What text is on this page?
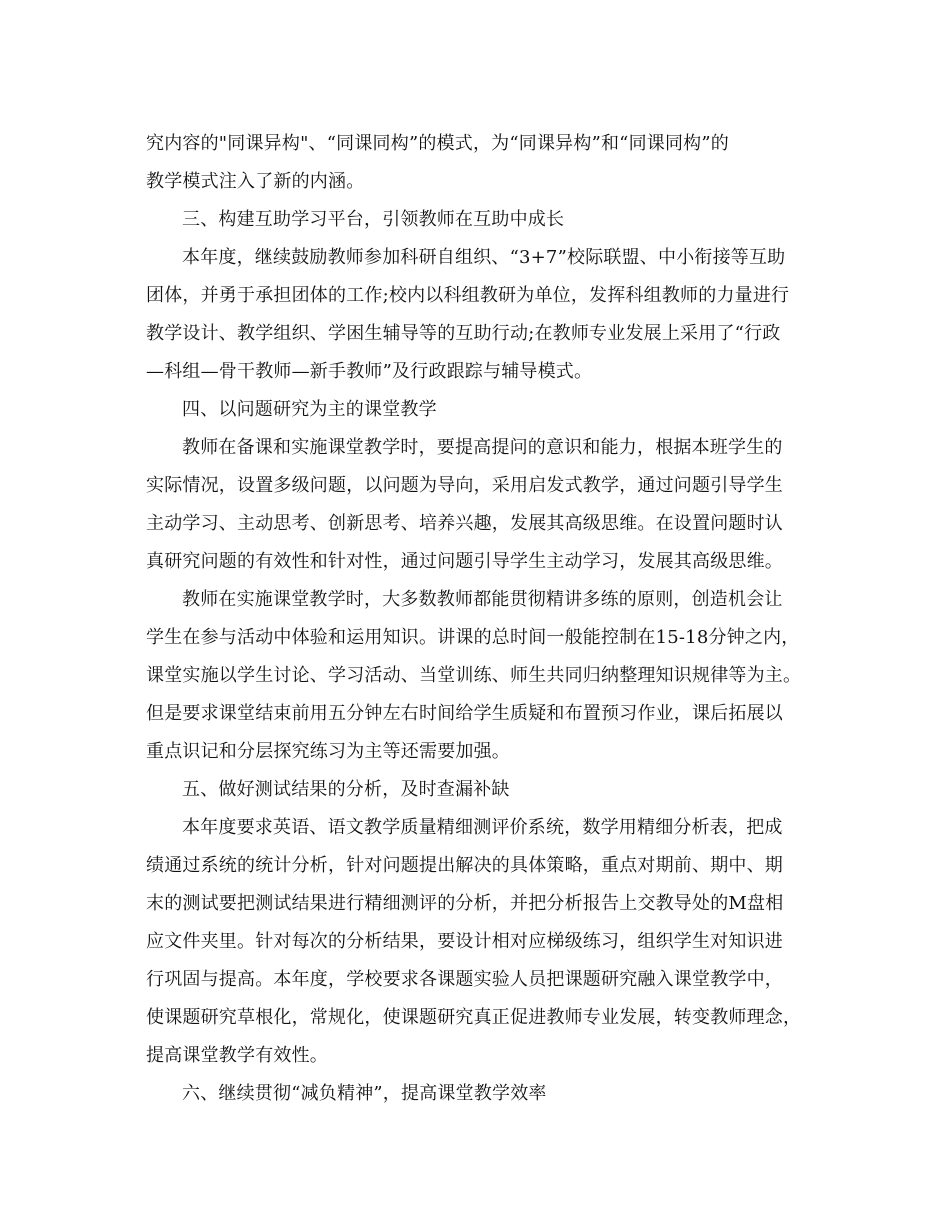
究内容的"同课异构"、“同课同构”的模式，为“同课异构”和“同课同构”的
教学模式注入了新的内涵。
三、构建互助学习平台，引领教师在互助中成长
本年度，继续鼓励教师参加科研自组织、“3+7”校际联盟、中小衔接等互助
团体，并勇于承担团体的工作;校内以科组教研为单位，发挥科组教师的力量进行
教学设计、教学组织、学困生辅导等的互助行动;在教师专业发展上采用了“行政
—科组—骨干教师—新手教师”及行政跟踪与辅导模式。
四、以问题研究为主的课堂教学
教师在备课和实施课堂教学时，要提高提问的意识和能力，根据本班学生的
实际情况，设置多级问题，以问题为导向，采用启发式教学，通过问题引导学生
主动学习、主动思考、创新思考、培养兴趣，发展其高级思维。在设置问题时认
真研究问题的有效性和针对性，通过问题引导学生主动学习，发展其高级思维。
教师在实施课堂教学时，大多数教师都能贯彻精讲多练的原则，创造机会让
学生在参与活动中体验和运用知识。讲课的总时间一般能控制在15-18分钟之内，
课堂实施以学生讨论、学习活动、当堂训练、师生共同归纳整理知识规律等为主。
但是要求课堂结束前用五分钟左右时间给学生质疑和布置预习作业，课后拓展以
重点识记和分层探究练习为主等还需要加强。
五、做好测试结果的分析，及时查漏补缺
本年度要求英语、语文教学质量精细测评价系统，数学用精细分析表，把成
绩通过系统的统计分析，针对问题提出解决的具体策略，重点对期前、期中、期
末的测试要把测试结果进行精细测评的分析，并把分析报告上交教导处的M盘相
应文件夹里。针对每次的分析结果，要设计相对应梯级练习，组织学生对知识进
行巩固与提高。本年度，学校要求各课题实验人员把课题研究融入课堂教学中，
使课题研究草根化，常规化，使课题研究真正促进教师专业发展，转变教师理念，
提高课堂教学有效性。
六、继续贯彻“减负精神”，提高课堂教学效率
